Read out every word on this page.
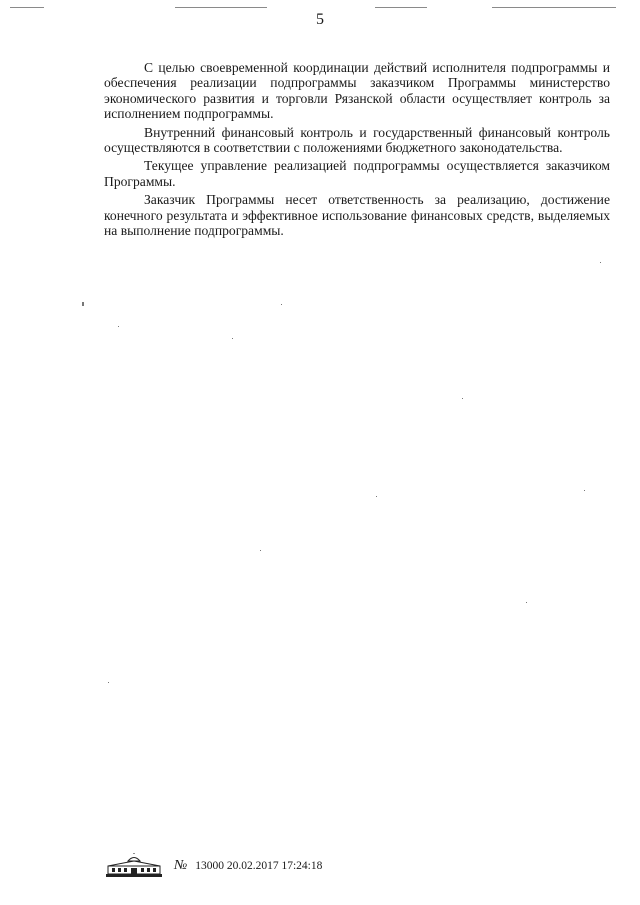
5

С целью своевременной координации действий исполнителя подпрограммы и обеспечения реализации подпрограммы заказчиком Программы министерство экономического развития и торговли Рязанской области осуществляет контроль за исполнением подпрограммы.

Внутренний финансовый контроль и государственный финансовый контроль осуществляются в соответствии с положениями бюджетного законодательства.

Текущее управление реализацией подпрограммы осуществляется заказчиком Программы.

Заказчик Программы несет ответственность за реализацию, достижение конечного результата и эффективное использование финансовых средств, выделяемых на выполнение подпрограммы.

№ 13000 20.02.2017 17:24:18
